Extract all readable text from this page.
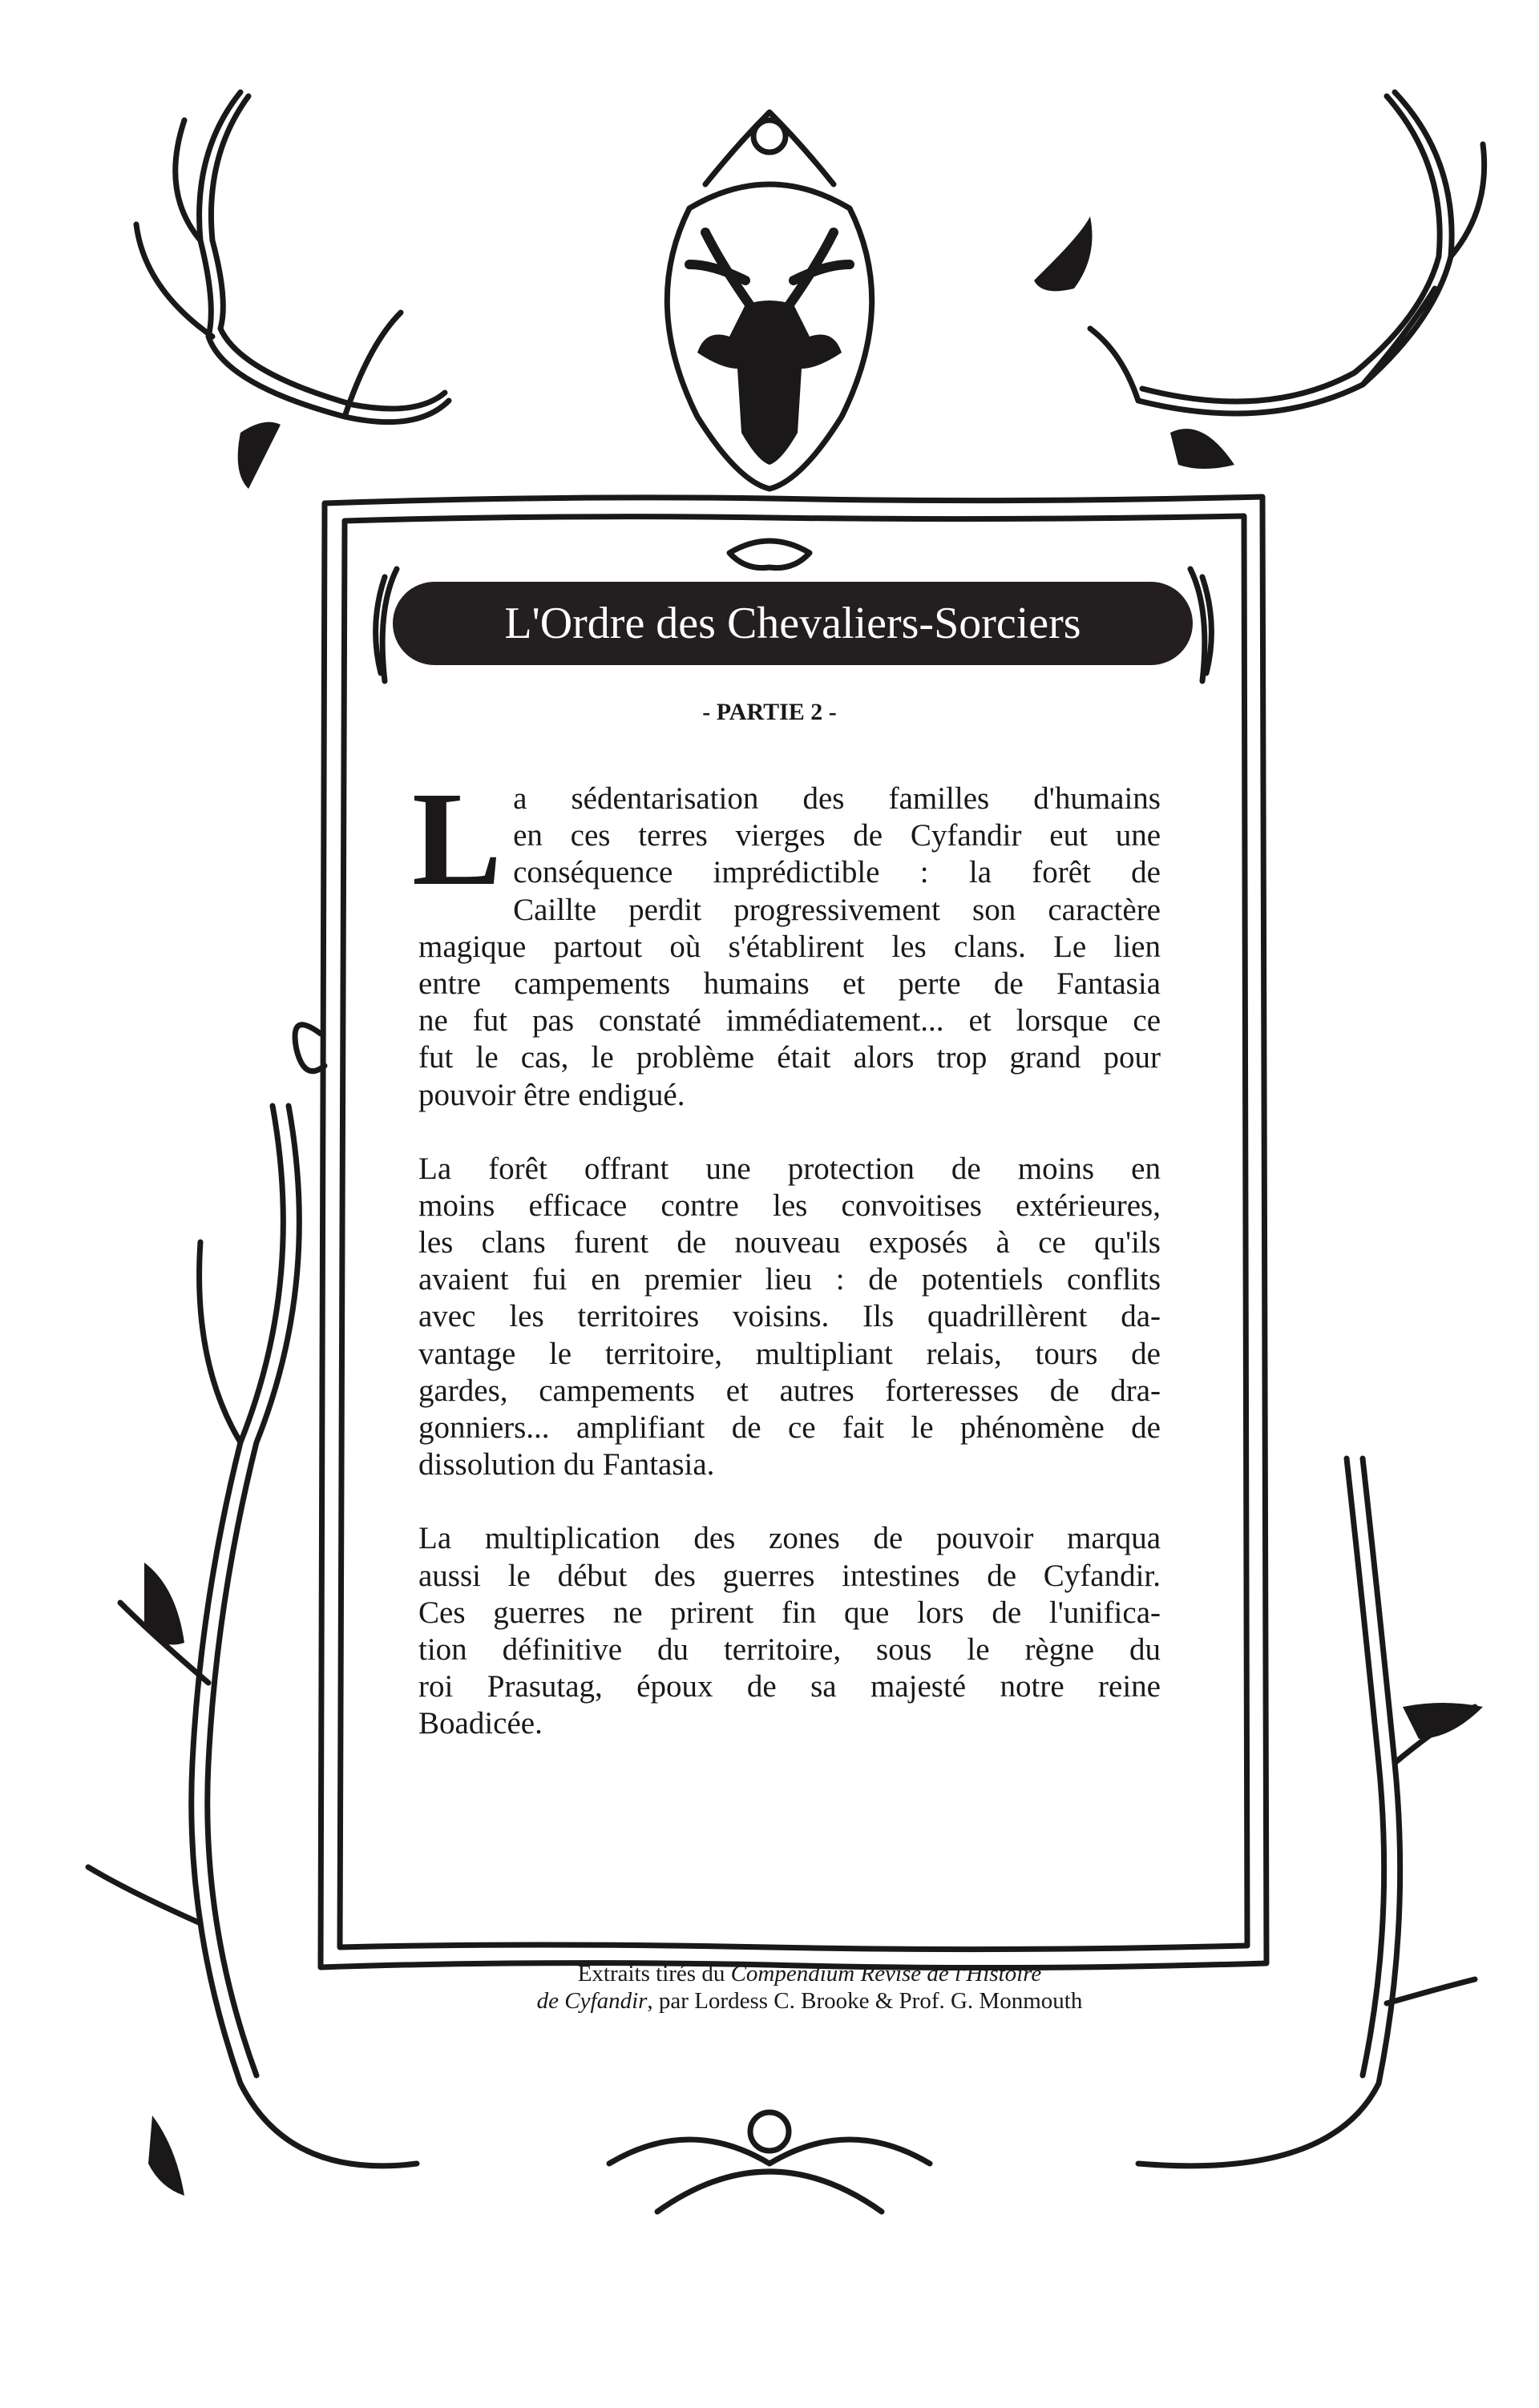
L'Ordre des Chevaliers-Sorciers
- PARTIE 2 -
L a sédentarisation des familles d'humains
en ces terres vierges de Cyfandir eut une
conséquence imprédictible : la forêt de
Caillte perdit progressivement son caractère
magique partout où s'établirent les clans. Le lien
entre campements humains et perte de Fantasia
ne fut pas constaté immédiatement... et lorsque ce
fut le cas, le problème était alors trop grand pour
pouvoir être endigué.
La forêt offrant une protection de moins en
moins efficace contre les convoitises extérieures,
les clans furent de nouveau exposés à ce qu'ils
avaient fui en premier lieu : de potentiels conflits
avec les territoires voisins. Ils quadrillèrent da-
vantage le territoire, multipliant relais, tours de
gardes, campements et autres forteresses de dra-
gonniers... amplifiant de ce fait le phénomène de
dissolution du Fantasia.
La multiplication des zones de pouvoir marqua
aussi le début des guerres intestines de Cyfandir.
Ces guerres ne prirent fin que lors de l'unifica-
tion définitive du territoire, sous le règne du
roi Prasutag, époux de sa majesté notre reine
Boadicée.
Extraits tirés du Compendium Révisé de l'Histoire
de Cyfandir, par Lordess C. Brooke & Prof. G. Monmouth
